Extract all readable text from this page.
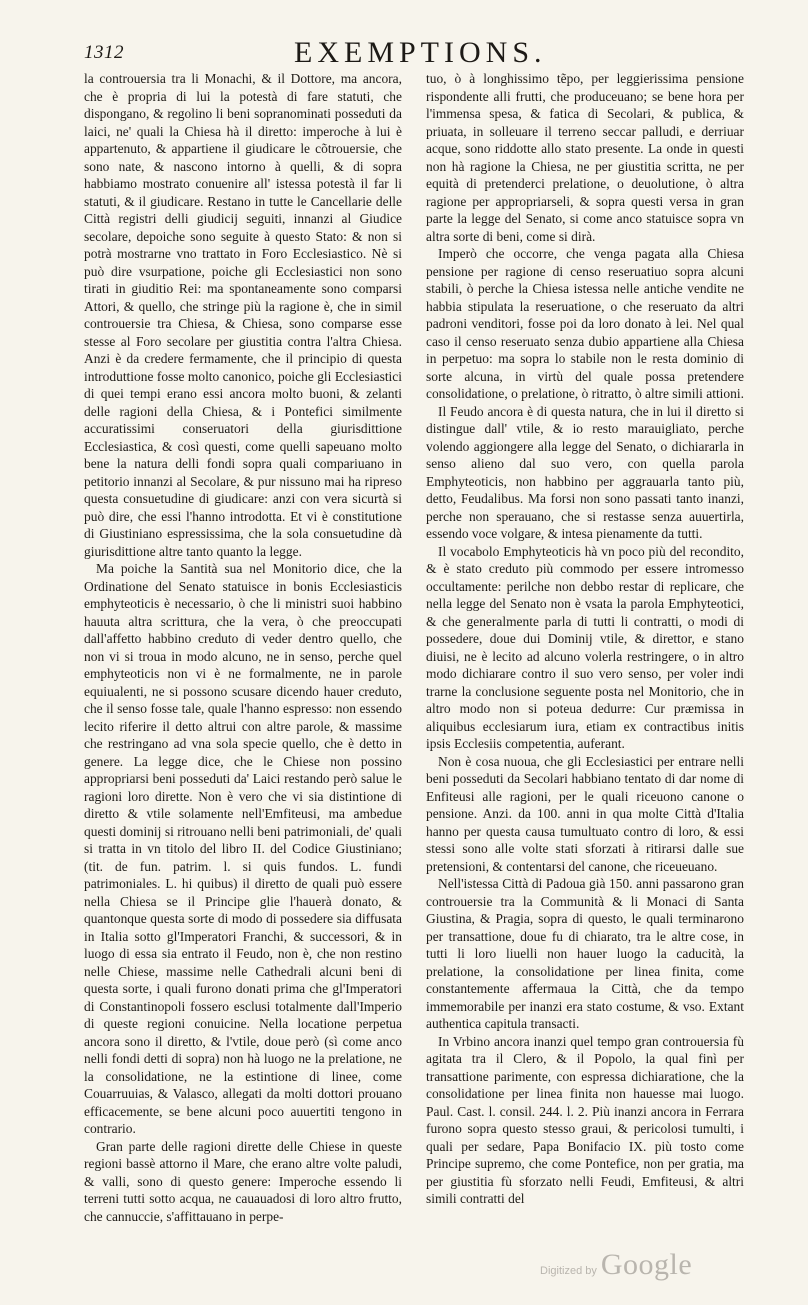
1312	EXEMPTIONS.

la controuersia tra li Monachi, & il Dottore, ma ancora, che è propria di lui la potestà di fare statuti, che dispongano, & regolino li beni sopranominati posseduti da laici, ne' quali la Chiesa hà il diretto: imperoche à lui è appartenuto, & appartiene il giudicare le cõtrouersie, che sono nate, & nascono intorno à quelli, & di sopra habbiamo mostrato conuenire all' istessa potestà il far li statuti, & il giudicare. Restano in tutte le Cancellarie delle Città registri delli giudicij seguiti, innanzi al Giudice secolare, depoiche sono seguite à questo Stato: & non si potrà mostrarne vno trattato in Foro Ecclesiastico. Nè si può dire vsurpatione, poiche gli Ecclesiastici non sono tirati in giuditio Rei: ma spontaneamente sono comparsi Attori, & quello, che stringe più la ragione è, che in simil controuersie tra Chiesa, & Chiesa, sono comparse esse stesse al Foro secolare per giustitia contra l'altra Chiesa. Anzi è da credere fermamente, che il principio di questa introduttione fosse molto canonico, poiche gli Ecclesiastici di quei tempi erano essi ancora molto buoni, & zelanti delle ragioni della Chiesa, & i Pontefici similmente accuratissimi conseruatori della giurisdittione Ecclesiastica, & così questi, come quelli sapeuano molto bene la natura delli fondi sopra quali compariuano in petitorio innanzi al Secolare, & pur nissuno mai ha ripreso questa consuetudine di giudicare: anzi con vera sicurtà si può dire, che essi l'hanno introdotta. Et vi è constitutione di Giustiniano espressissima, che la sola consuetudine dà giurisdittione altre tanto quanto la legge.

Ma poiche la Santità sua nel Monitorio dice, che la Ordinatione del Senato statuisce in bonis Ecclesiasticis emphyteoticis è necessario, ò che li ministri suoi habbino hauuta altra scrittura, che la vera, ò che preoccupati dall'affetto habbino creduto di veder dentro quello, che non vi si troua in modo alcuno, ne in senso, perche quel emphyteoticis non vi è ne formalmente, ne in parole equiualenti, ne si possono scusare dicendo hauer creduto, che il senso fosse tale, quale l'hanno espresso: non essendo lecito riferire il detto altrui con altre parole, & massime che restringano ad vna sola specie quello, che è detto in genere. La legge dice, che le Chiese non possino appropriarsi beni posseduti da' Laici restando però salue le ragioni loro dirette. Non è vero che vi sia distintione di diretto & vtile solamente nell'Emfiteusi, ma ambedue questi dominij si ritrouano nelli beni patrimoniali, de' quali si tratta in vn titolo del libro II. del Codice Giustiniano; (tit. de fun. patrim. l. si quis fundos. L. fundi patrimoniales. L. hi quibus) il diretto de quali può essere nella Chiesa se il Principe glie l'hauerà donato, & quantonque questa sorte di modo di possedere sia diffusata in Italia sotto gl'Imperatori Franchi, & successori, & in luogo di essa sia entrato il Feudo, non è, che non restino nelle Chiese, massime nelle Cathedrali alcuni beni di questa sorte, i quali furono donati prima che gl'Imperatori di Constantinopoli fossero esclusi totalmente dall'Imperio di queste regioni conuicine. Nella locatione perpetua ancora sono il diretto, & l'vtile, doue però (sì come anco nelli fondi detti di sopra) non hà luogo ne la prelatione, ne la consolidatione, ne la estintione di linee, come Couarruuias, & Valasco, allegati da molti dottori prouano efficacemente, se bene alcuni poco auuertiti tengono in contrario.

Gran parte delle ragioni dirette delle Chiese in queste regioni bassè attorno il Mare, che erano altre volte paludi, & valli, sono di questo genere: Imperoche essendo li terreni tutti sotto acqua, ne cauauadosi di loro altro frutto, che cannuccie, s'affittauano in perpe-

tuo, ò à longhissimo tẽpo, per leggierissima pensione rispondente alli frutti, che produceuano; se bene hora per l'immensa spesa, & fatica di Secolari, & publica, & priuata, in solleuare il terreno seccar palludi, e derriuar acque, sono riddotte allo stato presente. La onde in questi non hà ragione la Chiesa, ne per giustitia scritta, ne per equità di pretenderci prelatione, o deuolutione, ò altra ragione per appropriarseli, & sopra questi versa in gran parte la legge del Senato, si come anco statuisce sopra vn altra sorte di beni, come si dirà.

Imperò che occorre, che venga pagata alla Chiesa pensione per ragione di censo reseruatiuo sopra alcuni stabili, ò perche la Chiesa istessa nelle antiche vendite ne habbia stipulata la reseruatione, o che reseruato da altri padroni venditori, fosse poi da loro donato à lei. Nel qual caso il censo reseruato senza dubio appartiene alla Chiesa in perpetuo: ma sopra lo stabile non le resta dominio di sorte alcuna, in virtù del quale possa pretendere consolidatione, o prelatione, ò ritratto, ò altre simili attioni.

Il Feudo ancora è di questa natura, che in lui il diretto si distingue dall' vtile, & io resto marauigliato, perche volendo aggiongere alla legge del Senato, o dichiararla in senso alieno dal suo vero, con quella parola Emphyteoticis, non habbino per aggrauarla tanto più, detto, Feudalibus. Ma forsi non sono passati tanto inanzi, perche non sperauano, che si restasse senza auuertirla, essendo voce volgare, & intesa pienamente da tutti.

Il vocabolo Emphyteoticis hà vn poco più del recondito, & è stato creduto più commodo per essere intromesso occultamente: perilche non debbo restar di replicare, che nella legge del Senato non è vsata la parola Emphyteotici, & che generalmente parla di tutti li contratti, o modi di possedere, doue dui Dominij vtile, & direttor, e stano diuisi, ne è lecito ad alcuno volerla restringere, o in altro modo dichiarare contro il suo vero senso, per voler indi trarne la conclusione seguente posta nel Monitorio, che in altro modo non si poteua dedurre: Cur præmissa in aliquibus ecclesiarum iura, etiam ex contractibus initis ipsis Ecclesiis competentia, auferant.

Non è cosa nuoua, che gli Ecclesiastici per entrare nelli beni posseduti da Secolari habbiano tentato di dar nome di Enfiteusi alle ragioni, per le quali riceuono canone o pensione. Anzi. da 100. anni in qua molte Città d'Italia hanno per questa causa tumultuato contro di loro, & essi stessi sono alle volte stati sforzati à ritirarsi dalle sue pretensioni, & contentarsi del canone, che riceueuano.

Nell'istessa Città di Padoua già 150. anni passarono gran controuersie tra la Communità & li Monaci di Santa Giustina, & Pragia, sopra di questo, le quali terminarono per transattione, doue fu di chiarato, tra le altre cose, in tutti li loro liuelli non hauer luogo la caducità, la prelatione, la consolidatione per linea finita, come constantemente affermaua la Città, che da tempo immemorabile per inanzi era stato costume, & vso. Extant authentica capitula transacti.

In Vrbino ancora inanzi quel tempo gran controuersia fù agitata tra il Clero, & il Popolo, la qual finì per transattione parimente, con espressa dichiaratione, che la consolidatione per linea finita non hauesse mai luogo. Paul. Cast. l. consil. 244. l. 2. Più inanzi ancora in Ferrara furono sopra questo stesso graui, & pericolosi tumulti, i quali per sedare, Papa Bonifacio IX. più tosto come Principe supremo, che come Pontefice, non per gratia, ma per giustitia fù sforzato nelli Feudi, Emfiteusi, & altri simili contratti del

Digitized by Google
